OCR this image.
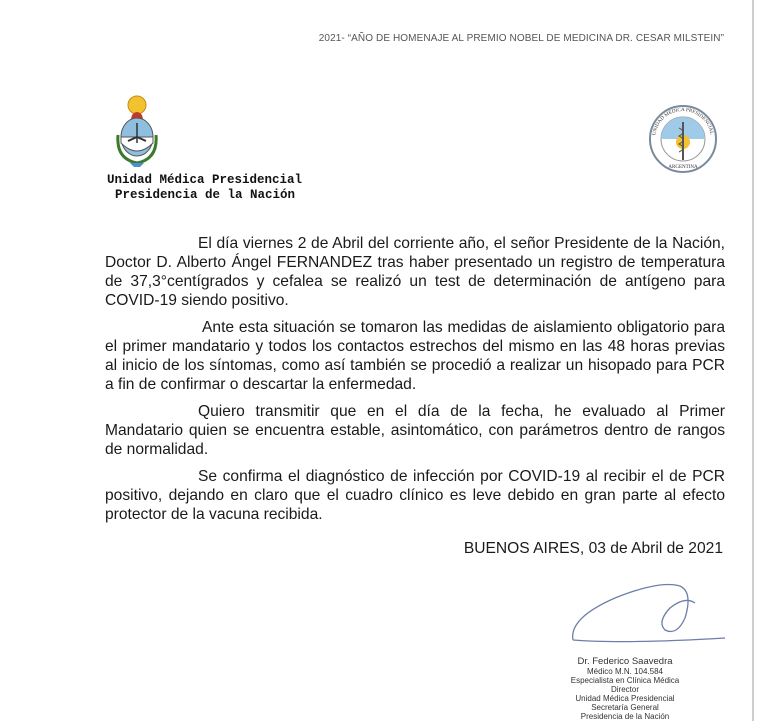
2021- “AÑO DE HOMENAJE AL PREMIO NOBEL DE MEDICINA DR. CESAR MILSTEIN”
UNIDAD MÉDICA PRESIDENCIAL
ARGENTINA
Unidad Médica Presidencial
Presidencia de la Nación

El día viernes 2 de Abril del corriente año, el señor Presidente de la Nación, Doctor D. Alberto Ángel FERNANDEZ tras haber presentado un registro de temperatura de 37,3°centígrados y cefalea se realizó un test de determinación de antígeno para COVID-19 siendo positivo.

Ante esta situación se tomaron las medidas de aislamiento obligatorio para el primer mandatario y todos los contactos estrechos del mismo en las 48 horas previas al inicio de los síntomas, como así también se procedió a realizar un hisopado para PCR a fin de confirmar o descartar la enfermedad.

Quiero transmitir que en el día de la fecha, he evaluado al Primer Mandatario quien se encuentra estable, asintomático, con parámetros dentro de rangos de normalidad.

Se confirma el diagnóstico de infección por COVID-19 al recibir el de PCR positivo, dejando en claro que el cuadro clínico es leve debido en gran parte al efecto protector de la vacuna recibida.

BUENOS AIRES, 03 de Abril de 2021
Dr. Federico Saavedra
Médico M.N. 104.584
Especialista en Clínica Médica
Director
Unidad Médica Presidencial
Secretaría General
Presidencia de la Nación
